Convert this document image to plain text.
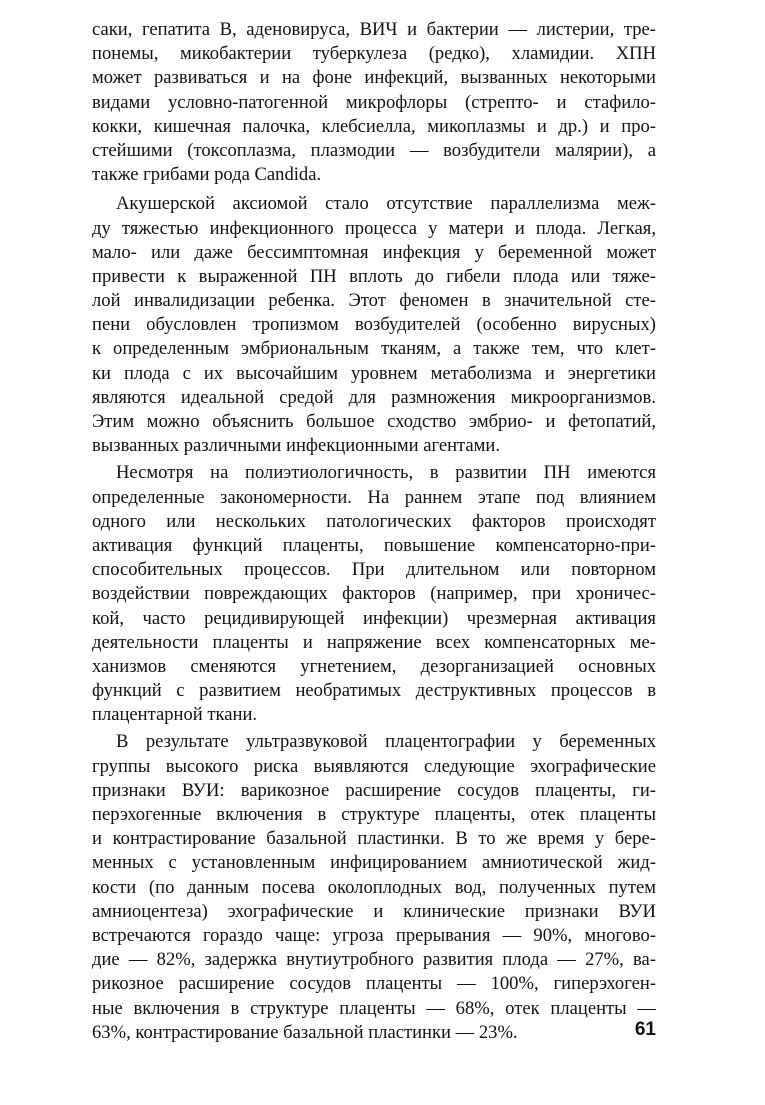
саки, гепатита В, аденовируса, ВИЧ и бактерии — листерии, тре-
понемы, микобактерии туберкулеза (редко), хламидии. ХПН
может развиваться и на фоне инфекций, вызванных некоторыми
видами условно-патогенной микрофлоры (стрепто- и стафило-
кокки, кишечная палочка, клебсиелла, микоплазмы и др.) и про-
стейшими (токсоплазма, плазмодии — возбудители малярии), а
также грибами рода Candida.
Акушерской аксиомой стало отсутствие параллелизма меж-
ду тяжестью инфекционного процесса у матери и плода. Легкая,
мало- или даже бессимптомная инфекция у беременной может
привести к выраженной ПН вплоть до гибели плода или тяже-
лой инвалидизации ребенка. Этот феномен в значительной сте-
пени обусловлен тропизмом возбудителей (особенно вирусных)
к определенным эмбриональным тканям, а также тем, что клет-
ки плода с их высочайшим уровнем метаболизма и энергетики
являются идеальной средой для размножения микроорганизмов.
Этим можно объяснить большое сходство эмбрио- и фетопатий,
вызванных различными инфекционными агентами.
Несмотря на полиэтиологичность, в развитии ПН имеются
определенные закономерности. На раннем этапе под влиянием
одного или нескольких патологических факторов происходят
активация функций плаценты, повышение компенсаторно-при-
способительных процессов. При длительном или повторном
воздействии повреждающих факторов (например, при хроничес-
кой, часто рецидивирующей инфекции) чрезмерная активация
деятельности плаценты и напряжение всех компенсаторных ме-
ханизмов сменяются угнетением, дезорганизацией основных
функций с развитием необратимых деструктивных процессов в
плацентарной ткани.
В результате ультразвуковой плацентографии у беременных
группы высокого риска выявляются следующие эхографические
признаки ВУИ: варикозное расширение сосудов плаценты, ги-
перэхогенные включения в структуре плаценты, отек плаценты
и контрастирование базальной пластинки. В то же время у бере-
менных с установленным инфицированием амниотической жид-
кости (по данным посева околоплодных вод, полученных путем
амниоцентеза) эхографические и клинические признаки ВУИ
встречаются гораздо чаще: угроза прерывания — 90%, многово-
дие — 82%, задержка внутиутробного развития плода — 27%, ва-
рикозное расширение сосудов плаценты — 100%, гиперэхоген-
ные включения в структуре плаценты — 68%, отек плаценты —
63%, контрастирование базальной пластинки — 23%.	61
